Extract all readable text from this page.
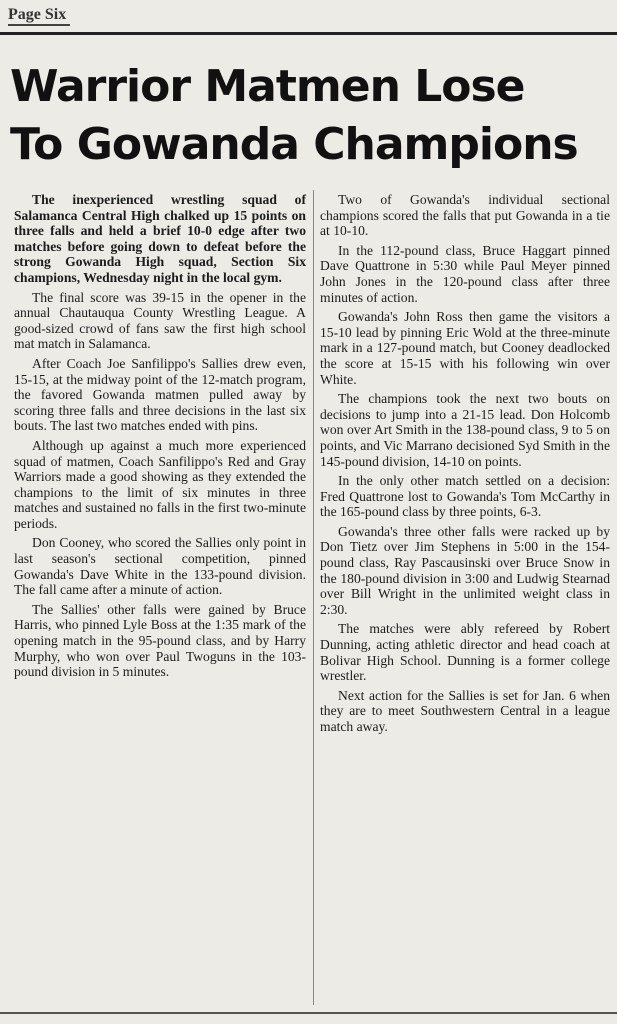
Page Six
Warrior Matmen Lose
To Gowanda Champions

The inexperienced wrestling squad of Salamanca Central High chalked up 15 points on three falls and held a brief 10-0 edge after two matches before going down to defeat before the strong Gowanda High squad, Section Six champions, Wednesday night in the local gym.

The final score was 39-15 in the opener in the annual Chautauqua County Wrestling League. A good-sized crowd of fans saw the first high school mat match in Salamanca.

After Coach Joe Sanfilippo's Sallies drew even, 15-15, at the midway point of the 12-match program, the favored Gowanda matmen pulled away by scoring three falls and three decisions in the last six bouts. The last two matches ended with pins.

Although up against a much more experienced squad of matmen, Coach Sanfilippo's Red and Gray Warriors made a good showing as they extended the champions to the limit of six minutes in three matches and sustained no falls in the first two-minute periods.

Don Cooney, who scored the Sallies only point in last season's sectional competition, pinned Gowanda's Dave White in the 133-pound division. The fall came after a minute of action.

The Sallies' other falls were gained by Bruce Harris, who pinned Lyle Boss at the 1:35 mark of the opening match in the 95-pound class, and by Harry Murphy, who won over Paul Twoguns in the 103-pound division in 5 minutes.

Two of Gowanda's individual sectional champions scored the falls that put Gowanda in a tie at 10-10.

In the 112-pound class, Bruce Haggart pinned Dave Quattrone in 5:30 while Paul Meyer pinned John Jones in the 120-pound class after three minutes of action.

Gowanda's John Ross then game the visitors a 15-10 lead by pinning Eric Wold at the three-minute mark in a 127-pound match, but Cooney deadlocked the score at 15-15 with his following win over White.

The champions took the next two bouts on decisions to jump into a 21-15 lead. Don Holcomb won over Art Smith in the 138-pound class, 9 to 5 on points, and Vic Marrano decisioned Syd Smith in the 145-pound division, 14-10 on points.

In the only other match settled on a decision: Fred Quattrone lost to Gowanda's Tom McCarthy in the 165-pound class by three points, 6-3.

Gowanda's three other falls were racked up by Don Tietz over Jim Stephens in 5:00 in the 154-pound class, Ray Pascausinski over Bruce Snow in the 180-pound division in 3:00 and Ludwig Stearnad over Bill Wright in the unlimited weight class in 2:30.

The matches were ably refereed by Robert Dunning, acting athletic director and head coach at Bolivar High School. Dunning is a former college wrestler.

Next action for the Sallies is set for Jan. 6 when they are to meet Southwestern Central in a league match away.
